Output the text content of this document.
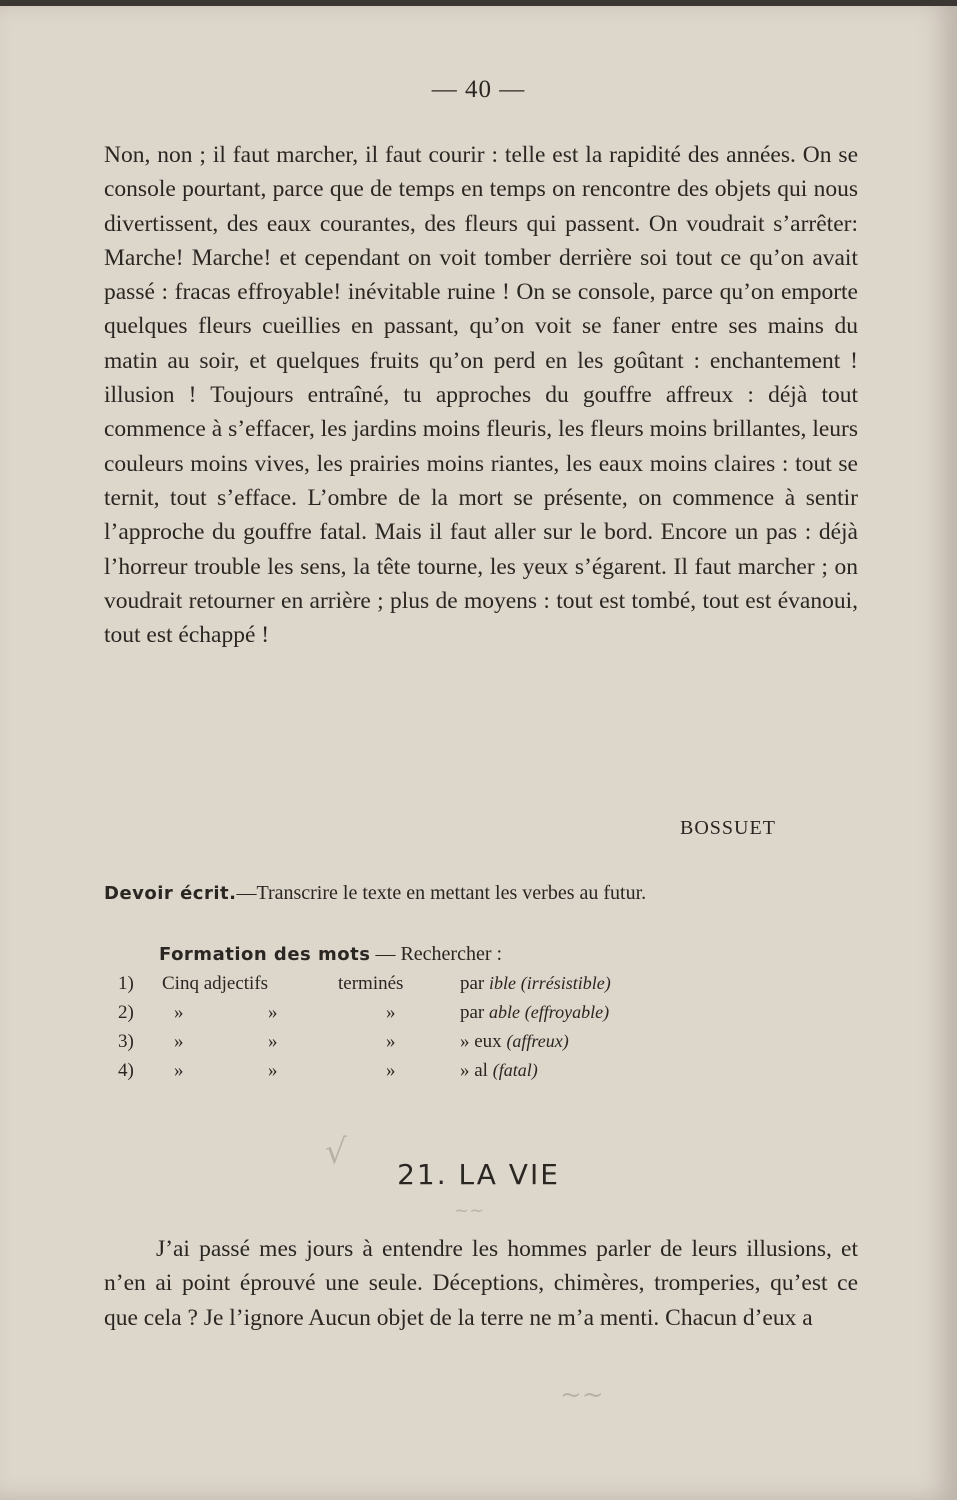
— 40 —

Non, non ; il faut marcher, il faut courir : telle est la rapidité des années. On se console pourtant, parce que de temps en temps on rencontre des objets qui nous divertissent, des eaux courantes, des fleurs qui passent. On voudrait s’arrêter: Marche! Marche! et cependant on voit tomber derrière soi tout ce qu’on avait passé : fracas effroyable! inévitable ruine ! On se console, parce qu’on emporte quelques fleurs cueillies en passant, qu’on voit se faner entre ses mains du matin au soir, et quelques fruits qu’on perd en les goûtant : enchantement ! illusion ! Toujours entraîné, tu approches du gouffre affreux : déjà tout commence à s’effacer, les jardins moins fleuris, les fleurs moins brillantes, leurs couleurs moins vives, les prairies moins riantes, les eaux moins claires : tout se ternit, tout s’efface. L’ombre de la mort se présente, on commence à sentir l’approche du gouffre fatal. Mais il faut aller sur le bord. Encore un pas : déjà l’horreur trouble les sens, la tête tourne, les yeux s’égarent. Il faut marcher ; on voudrait retourner en arrière ; plus de moyens : tout est tombé, tout est évanoui, tout est échappé !

BOSSUET
Devoir écrit.—Transcrire le texte en mettant les verbes au futur.
Formation des mots — Rechercher :
1) Cinq adjectifs	terminés	par ible (irrésistible)
2) »	»	»	par able (effroyable)
3) »	»	»	» eux (affreux)
4) »	»	»	» al (fatal)
√
~~
~~
21. LA VIE

J’ai passé mes jours à entendre les hommes parler de leurs illusions, et n’en ai point éprouvé une seule. Déceptions, chimères, tromperies, qu’est ce que cela ? Je l’ignore Aucun objet de la terre ne m’a menti. Chacun d’eux a
